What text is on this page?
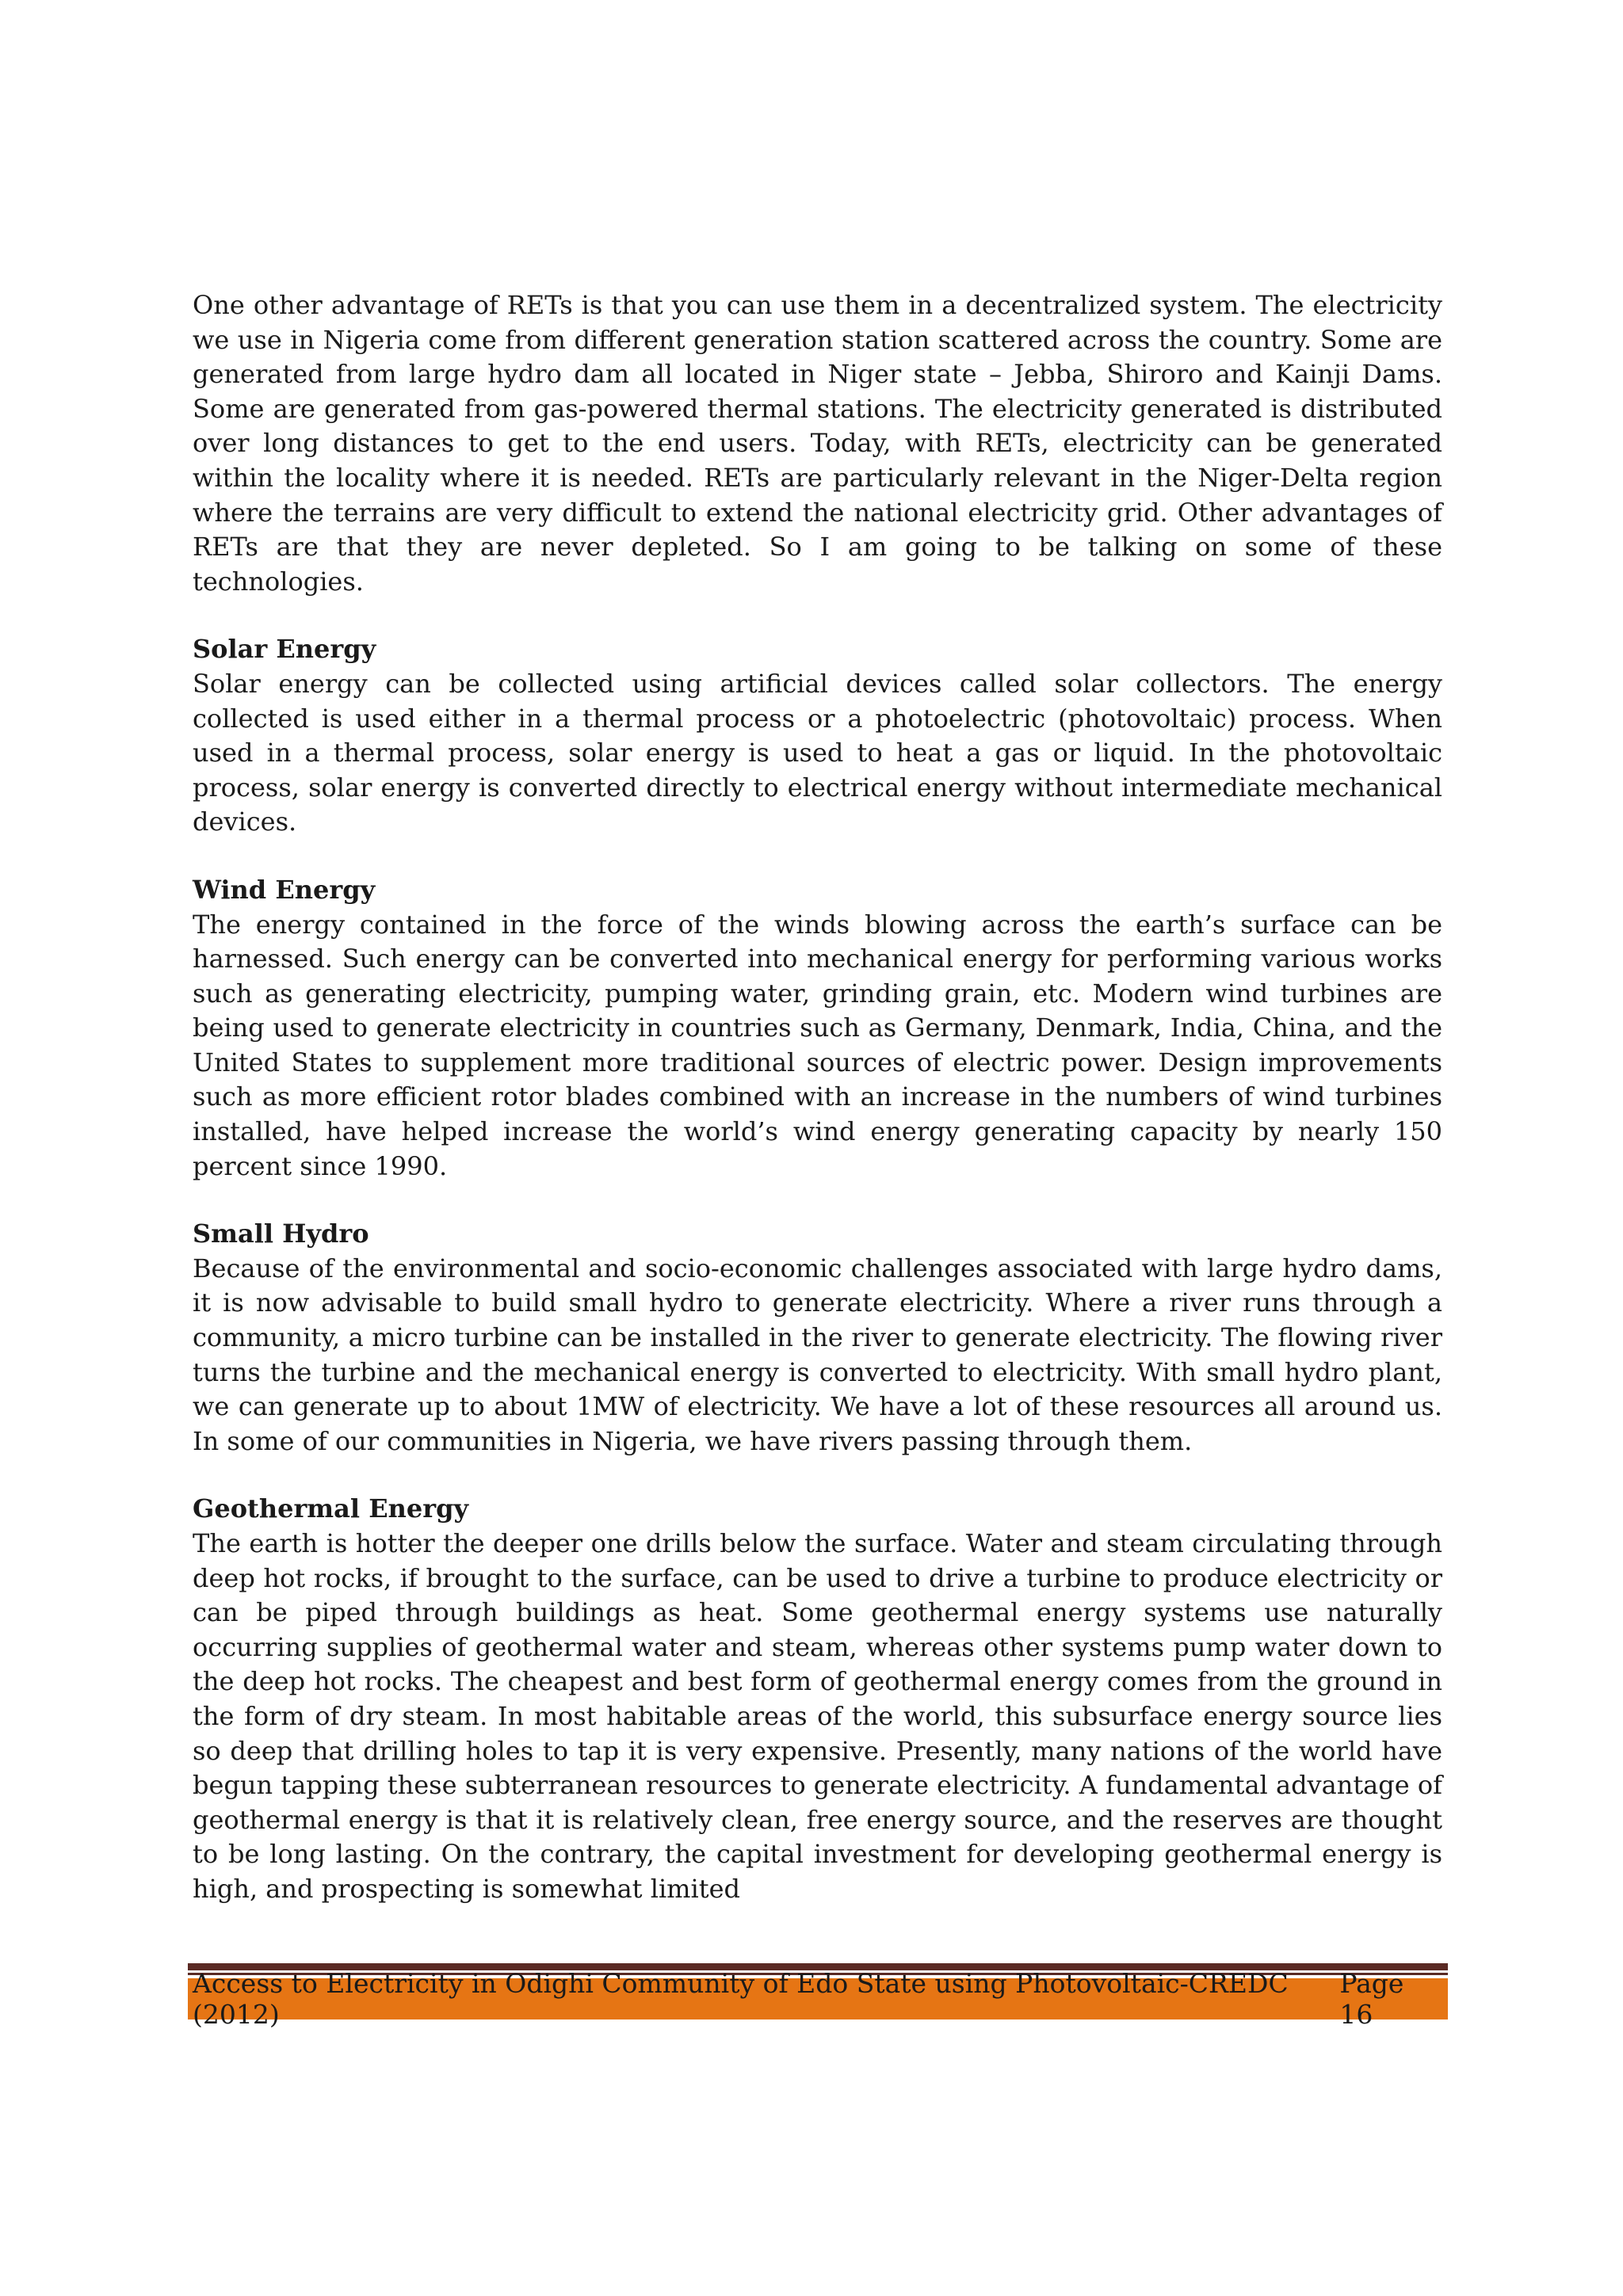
One other advantage of RETs is that you can use them in a decentralized system. The electricity we use in Nigeria come from different generation station scattered across the country. Some are generated from large hydro dam all located in Niger state – Jebba, Shiroro and Kainji Dams. Some are generated from gas-powered thermal stations. The electricity generated is distributed over long distances to get to the end users. Today, with RETs, electricity can be generated within the locality where it is needed. RETs are particularly relevant in the Niger-Delta region where the terrains are very difficult to extend the national electricity grid. Other advantages of RETs are that they are never depleted. So I am going to be talking on some of these technologies.

Solar Energy

Solar energy can be collected using artificial devices called solar collectors. The energy collected is used either in a thermal process or a photoelectric (photovoltaic) process. When used in a thermal process, solar energy is used to heat a gas or liquid. In the photovoltaic process, solar energy is converted directly to electrical energy without intermediate mechanical devices.

Wind Energy

The energy contained in the force of the winds blowing across the earth’s surface can be harnessed. Such energy can be converted into mechanical energy for performing various works such as generating electricity, pumping water, grinding grain, etc. Modern wind turbines are being used to generate electricity in countries such as Germany, Denmark, India, China, and the United States to supplement more traditional sources of electric power. Design improvements such as more efficient rotor blades combined with an increase in the numbers of wind turbines installed, have helped increase the world’s wind energy generating capacity by nearly 150 percent since 1990.

Small Hydro

Because of the environmental and socio-economic challenges associated with large hydro dams, it is now advisable to build small hydro to generate electricity. Where a river runs through a community, a micro turbine can be installed in the river to generate electricity. The flowing river turns the turbine and the mechanical energy is converted to electricity. With small hydro plant, we can generate up to about 1MW of electricity. We have a lot of these resources all around us. In some of our communities in Nigeria, we have rivers passing through them.

Geothermal Energy

The earth is hotter the deeper one drills below the surface. Water and steam circulating through deep hot rocks, if brought to the surface, can be used to drive a turbine to produce electricity or can be piped through buildings as heat. Some geothermal energy systems use naturally occurring supplies of geothermal water and steam, whereas other systems pump water down to the deep hot rocks. The cheapest and best form of geothermal energy comes from the ground in the form of dry steam. In most habitable areas of the world, this subsurface energy source lies so deep that drilling holes to tap it is very expensive. Presently, many nations of the world have begun tapping these subterranean resources to generate electricity. A fundamental advantage of geothermal energy is that it is relatively clean, free energy source, and the reserves are thought to be long lasting. On the contrary, the capital investment for developing geothermal energy is high, and prospecting is somewhat limited

Access to Electricity in Odighi Community of Edo State using Photovoltaic-CREDC (2012)
Page 16
